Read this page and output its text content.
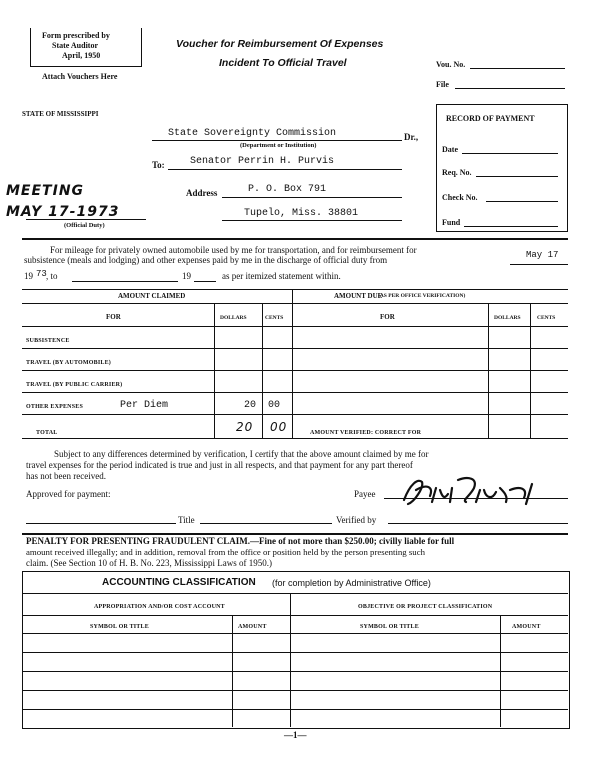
Form prescribed by
State Auditor
April, 1950
Attach Vouchers Here
Voucher for Reimbursement Of Expenses
Incident To Official Travel	Vou. No.
File
STATE OF MISSISSIPPI	RECORD OF PAYMENT
Date
Req. No.
Check No.
Fund
State Sovereignty Commission	Dr.,
(Department or Institution)
To:	Senator Perrin H. Purvis
MEETING
MAY 17-1973
Address	P. O. Box 791
Tupelo, Miss. 38801
(Official Duty)
For mileage for privately owned automobile used by me for transportation, and for reimbursement for
subsistence (meals and lodging) and other expenses paid by me in the discharge of official duty from	May 17
19 73 , to	19	as per itemized statement within.
AMOUNT CLAIMED	AMOUNT DUE
(AS PER OFFICE VERIFICATION)
FOR	DOLLARS	CENTS	FOR	DOLLARS	CENTS
SUBSISTENCE
TRAVEL (BY AUTOMOBILE)
TRAVEL (BY PUBLIC CARRIER)
OTHER EXPENSES	Per Diem	20 00
TOTAL	20 00	AMOUNT VERIFIED: CORRECT FOR
Subject to any differences determined by verification, I certify that the above amount claimed by me for
travel expenses for the period indicated is true and just in all respects, and that payment for any part thereof
has not been received.
Approved for payment:	Payee
Title	Verified by
PENALTY FOR PRESENTING FRAUDULENT CLAIM.—Fine of not more than $250.00; civilly liable for full
amount received illegally; and in addition, removal from the office or position held by the person presenting such
claim. (See Section 10 of H. B. No. 223, Mississippi Laws of 1950.)
ACCOUNTING CLASSIFICATION (for completion by Administrative Office)
APPROPRIATION AND/OR COST ACCOUNT	OBJECTIVE OR PROJECT CLASSIFICATION
SYMBOL OR TITLE	AMOUNT	SYMBOL OR TITLE	AMOUNT
—1—
